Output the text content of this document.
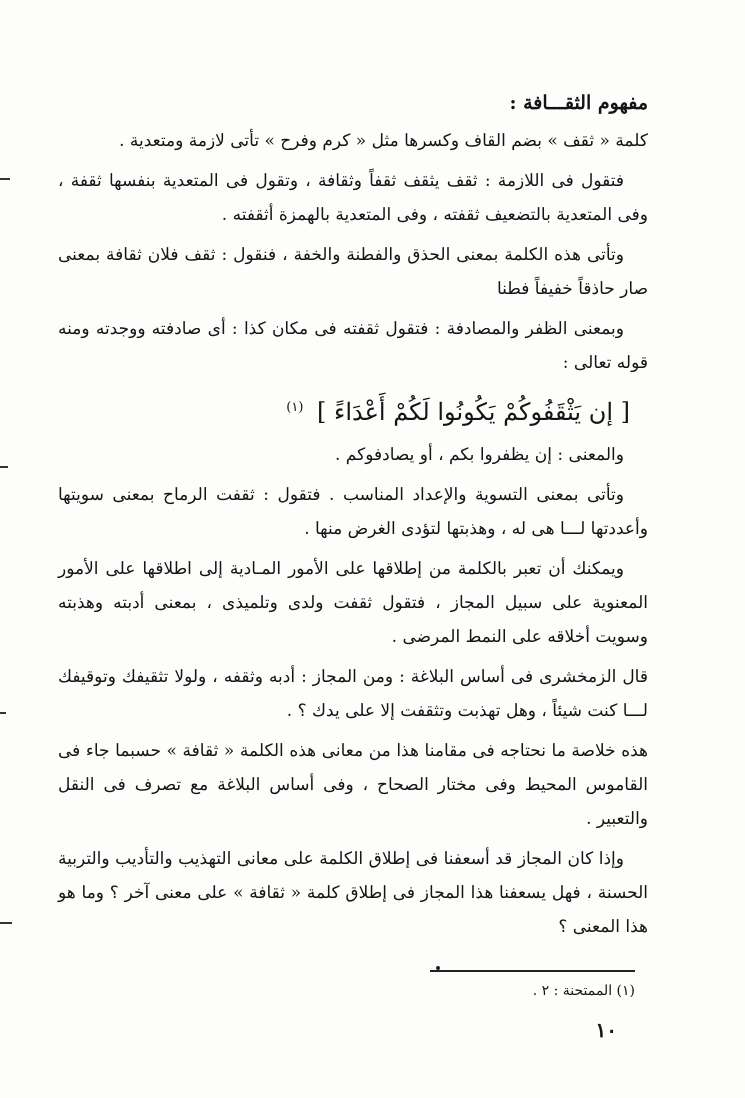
مفهوم الثقـــافة :

كلمة « ثقف » بضم القاف وكسرها مثل « كرم وفرح » تأتى لازمة ومتعدية .

فتقول فى اللازمة : ثقف يثقف ثقفاً وثقافة ، وتقول فى المتعدية بنفسها ثقفة ، وفى المتعدية بالتضعيف ثقفته ، وفى المتعدية بالهمزة أثقفته .

وتأتى هذه الكلمة بمعنى الحذق والفطنة والخفة ، فنقول : ثقف فلان ثقافة بمعنى صار حاذقاً خفيفاً فطنا

وبمعنى الظفر والمصادفة : فتقول ثقفته فى مكان كذا : أى صادفته ووجدته ومنه قوله تعالى :

[ إن يَثْقَفُوكُمْ يَكُونُوا لَكُمْ أَعْدَاءً ] $^{(١)}$

والمعنى : إن يظفروا بكم ، أو يصادفوكم .

وتأتى بمعنى التسوية والإعداد المناسب . فتقول : ثقفت الرماح بمعنى سويتها وأعددتها لـــا هى له ، وهذبتها لتؤدى الغرض منها .

ويمكنك أن تعبر بالكلمة من إطلاقها على الأمور المـادية إلى اطلاقها على الأمور المعنوية على سبيل المجاز ، فتقول ثقفت ولدى وتلميذى ، بمعنى أدبته وهذبته وسويت أخلاقه على النمط المرضى .

قال الزمخشرى فى أساس البلاغة : ومن المجاز : أدبه وثقفه ، ولولا تثقيفك وتوقيفك لـــا كنت شيئاً ، وهل تهذبت وتثقفت إلا على يدك ؟ .

هذه خلاصة ما نحتاجه فى مقامنا هذا من معانى هذه الكلمة « ثقافة » حسبما جاء فى القاموس المحيط وفى مختار الصحاح ، وفى أساس البلاغة مع تصرف فى النقل والتعبير .

وإذا كان المجاز قد أسعفنا فى إطلاق الكلمة على معانى التهذيب والتأديب والتربية الحسنة ، فهل يسعفنا هذا المجاز فى إطلاق كلمة « ثقافة » على معنى آخر ؟ وما هو هذا المعنى ؟

(١) الممتحنة : ٢ .
١٠
